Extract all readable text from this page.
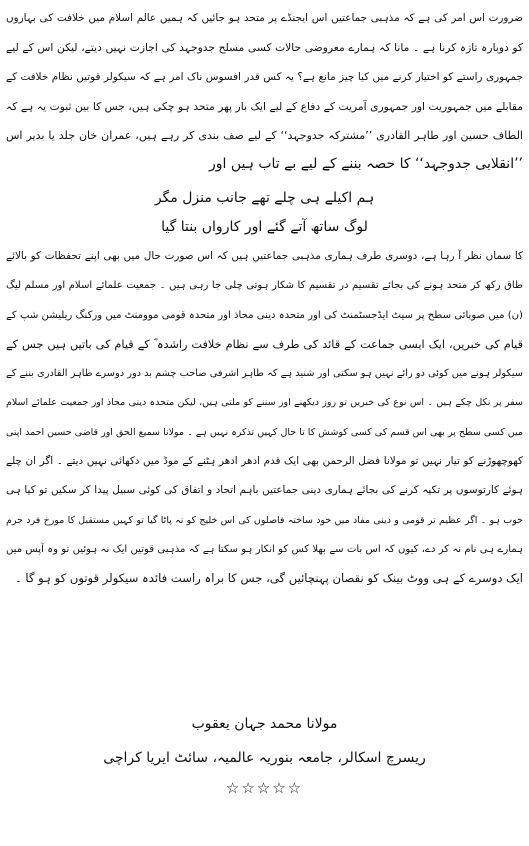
ضرورت اس امر کی ہے کہ مذہبی جماعتیں اس ایجنڈے پر متحد ہو جائیں کہ ہمیں عالم اسلام میں خلافت کی بہاروں
کو دوبارہ تازہ کرنا ہے ۔ مانا کہ ہمارے معروضی حالات کسی مسلح جدوجہد کی اجازت نہیں دیتے، لیکن اس کے لیے
جمہوری راستے کو اختیار کرنے میں کیا چیز مانع ہے؟ یہ کس قدر افسوس ناک امر ہے کہ سیکولر قوتیں نظام خلافت کے
مقابلے میں جمہوریت اور جمہوری آمریت کے دفاع کے لیے ایک بار پھر متحد ہو چکی ہیں، جس کا بین ثبوت یہ ہے کہ
الطاف حسین اور طاہر القادری ’’مشترکہ جدوجہد‘‘ کے لیے صف بندی کر رہے ہیں، عمران خان جلد یا بدیر اس
’’انقلابی جدوجہد‘‘ کا حصہ بننے کے لیے بے تاب ہیں اور
ہم اکیلے ہی چلے تھے جانب منزل مگر
لوگ ساتھ آتے گئے اور کارواں بنتا گیا
کا سماں نظر آ رہا ہے، دوسری طرف ہماری مذہبی جماعتیں ہیں کہ اس صورت حال میں بھی اپنے تحفظات کو بالائے
طاق رکھ کر متحد ہونے کی بجائے تقسیم در تقسیم کا شکار ہوتی چلی جا رہی ہیں ۔ جمعیت علمائے اسلام اور مسلم لیگ
(ن) میں صوبائی سطح پر سیٹ ایڈجسٹمنٹ کی اور متحدہ دینی محاذ اور متحدہ قومی موومنٹ میں ورکنگ ریلیشن شپ کے
قیام کی خبریں، ایک ایسی جماعت کے قائد کی طرف سے نظام خلافت راشدہ ؓ کے قیام کی باتیں ہیں جس کے
سیکولر ہونے میں کوئی دو رائے نہیں ہو سکتی اور شنید ہے کہ طاہر اشرفی صاحب چشم بد دور دوسرے طاہر القادری بننے کے
سفر پر نکل چکے ہیں ۔ اس نوع کی خبریں تو روز دیکھنے اور سننے کو ملتی ہیں، لیکن متحدہ دینی محاذ اور جمعیت علمائے اسلام
میں کسی سطح پر بھی اس قسم کی کسی کوشش کا تا حال کہیں تذکرہ نہیں ہے ۔ مولانا سمیع الحق اور قاضی حسین احمد اپنی
کھوچھوڑنے کو تیار نہیں تو مولانا فضل الرحمن بھی ایک قدم ادھر ادھر ہٹنے کے موڈ میں دکھائی نہیں دیتے ۔ اگر ان چلے
ہوئے کارتوسوں پر تکیہ کرنے کی بجائے ہماری دینی جماعتیں باہم اتحاد و اتفاق کی کوئی سبیل پیدا کر سکیں تو کیا ہی
خوب ہو ۔ اگر عظیم تر قومی و دینی مفاد میں خود ساختہ فاصلوں کی اس خلیج کو نہ پاٹا گیا تو کہیں مستقبل کا مورخ فرد جرم
ہمارے ہی نام نہ کر دے، کیوں کہ اس بات سے بھلا کس کو انکار ہو سکتا ہے کہ مذہبی قوتیں ایک نہ ہوئیں تو وہ آپس میں
ایک دوسرے کے ہی ووٹ بینک کو نقصان پہنچائیں گی، جس کا براہ راست فائدہ سیکولر قوتوں کو ہو گا ۔
مولانا محمد جہان یعقوب
ریسرچ اسکالر، جامعہ بنوریہ عالمیہ، سائٹ ایریا کراچی
☆☆☆☆☆
